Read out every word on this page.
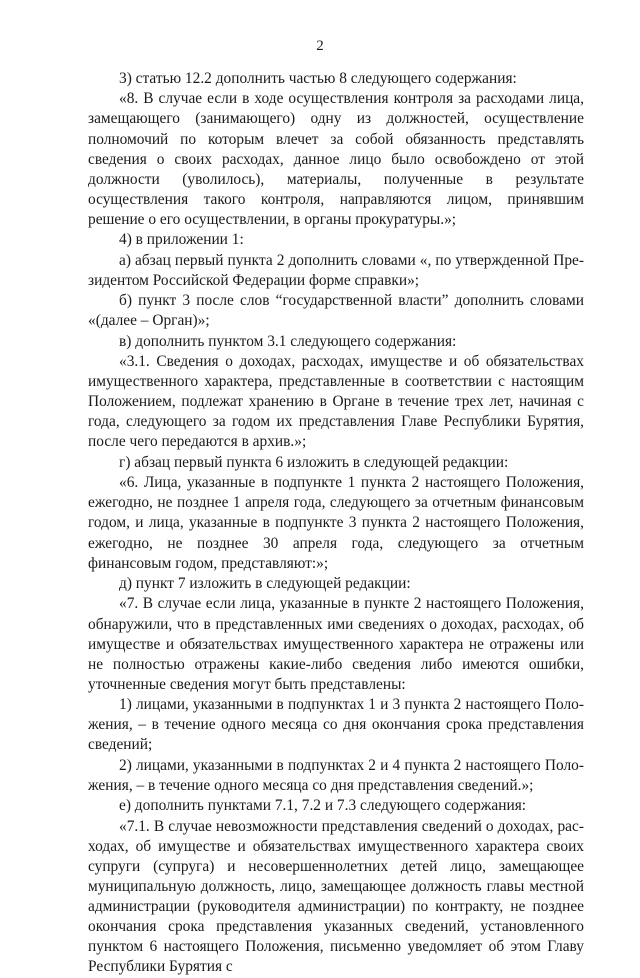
2

3) статью 12.2 дополнить частью 8 следующего содержания:

«8. В случае если в ходе осуществления контроля за расходами лица, замещающего (занимающего) одну из должностей, осуществление полномочий по которым влечет за собой обязанность представлять сведения о своих расходах, данное лицо было освобождено от этой должности (уволилось), материалы, полученные в результате осуществления такого контроля, направляются лицом, принявшим решение о его осуществлении, в органы прокуратуры.»;

4) в приложении 1:

а) абзац первый пункта 2 дополнить словами «, по утвержденной Президентом Российской Федерации форме справки»;

б) пункт 3 после слов “государственной власти” дополнить словами «(далее – Орган)»;

в) дополнить пунктом 3.1 следующего содержания:

«3.1. Сведения о доходах, расходах, имуществе и об обязательствах имущественного характера, представленные в соответствии с настоящим Положением, подлежат хранению в Органе в течение трех лет, начиная с года, следующего за годом их представления Главе Республики Бурятия, после чего передаются в архив.»;

г) абзац первый пункта 6 изложить в следующей редакции:

«6. Лица, указанные в подпункте 1 пункта 2 настоящего Положения, ежегодно, не позднее 1 апреля года, следующего за отчетным финансовым годом, и лица, указанные в подпункте 3 пункта 2 настоящего Положения, ежегодно, не позднее 30 апреля года, следующего за отчетным финансовым годом, представляют:»;

д) пункт 7 изложить в следующей редакции:

«7. В случае если лица, указанные в пункте 2 настоящего Положения, обнаружили, что в представленных ими сведениях о доходах, расходах, об имуществе и обязательствах имущественного характера не отражены или не полностью отражены какие-либо сведения либо имеются ошибки, уточненные сведения могут быть представлены:

1) лицами, указанными в подпунктах 1 и 3 пункта 2 настоящего Положения, – в течение одного месяца со дня окончания срока представления сведений;

2) лицами, указанными в подпунктах 2 и 4 пункта 2 настоящего Положения, – в течение одного месяца со дня представления сведений.»;

е) дополнить пунктами 7.1, 7.2 и 7.3 следующего содержания:

«7.1. В случае невозможности представления сведений о доходах, расходах, об имуществе и обязательствах имущественного характера своих супруги (супруга) и несовершеннолетних детей лицо, замещающее муниципальную должность, лицо, замещающее должность главы местной администрации (руководителя администрации) по контракту, не позднее окончания срока представления указанных сведений, установленного пунктом 6 настоящего Положения, письменно уведомляет об этом Главу Республики Бурятия с
